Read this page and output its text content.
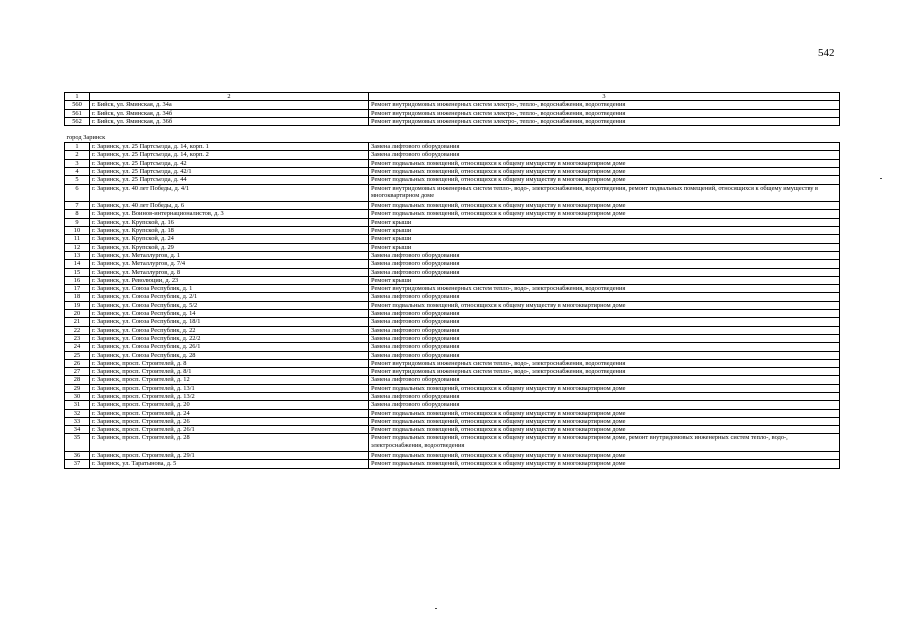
542
1	2	3
560	г. Бийск, ул. Яминская, д. 34а	Ремонт внутридомовых инженерных систем электро-, тепло-, водоснабжения, водоотведения
561	г. Бийск, ул. Яминская, д. 34б	Ремонт внутридомовых инженерных систем электро-, тепло-, водоснабжения, водоотведения
562	г. Бийск, ул. Яминская, д. 36б	Ремонт внутридомовых инженерных систем электро-, тепло-, водоснабжения, водоотведения
город Заринск		
1	г. Заринск, ул. 25 Партсъезда, д. 14, корп. 1	Замена лифтового оборудования
2	г. Заринск, ул. 25 Партсъезда, д. 14, корп. 2	Замена лифтового оборудования
3	г. Заринск, ул. 25 Партсъезда, д. 42	Ремонт подвальных помещений, относящихся к общему имуществу в многоквартирном доме
4	г. Заринск, ул. 25 Партсъезда, д. 42/1	Ремонт подвальных помещений, относящихся к общему имуществу в многоквартирном доме
5	г. Заринск, ул. 25 Партсъезда, д. 44	Ремонт подвальных помещений, относящихся к общему имуществу в многоквартирном доме
6	г. Заринск, ул. 40 лет Победы, д. 4/1	Ремонт внутридомовых инженерных систем тепло-, водо-, электроснабжения, водоотведения, ремонт подвальных помещений, относящихся к общему имуществу в многоквартирном доме
7	г. Заринск, ул. 40 лет Победы, д. 6	Ремонт подвальных помещений, относящихся к общему имуществу в многоквартирном доме
8	г. Заринск, ул. Воинов-интернационалистов, д. 3	Ремонт подвальных помещений, относящихся к общему имуществу в многоквартирном доме
9	г. Заринск, ул. Крупской, д. 16	Ремонт крыши
10	г. Заринск, ул. Крупской, д. 18	Ремонт крыши
11	г. Заринск, ул. Крупской, д. 24	Ремонт крыши
12	г. Заринск, ул. Крупской, д. 29	Ремонт крыши
13	г. Заринск, ул. Металлургов, д. 1	Замена лифтового оборудования
14	г. Заринск, ул. Металлургов, д. 7/4	Замена лифтового оборудования
15	г. Заринск, ул. Металлургов, д. 8	Замена лифтового оборудования
16	г. Заринск, ул. Революции, д. 23	Ремонт крыши
17	г. Заринск, ул. Союза Республик, д. 1	Ремонт внутридомовых инженерных систем тепло-, водо-, электроснабжения, водоотведения
18	г. Заринск, ул. Союза Республик, д. 2/1	Замена лифтового оборудования
19	г. Заринск, ул. Союза Республик, д. 5/2	Ремонт подвальных помещений, относящихся к общему имуществу в многоквартирном доме
20	г. Заринск, ул. Союза Республик, д. 14	Замена лифтового оборудования
21	г. Заринск, ул. Союза Республик, д. 18/1	Замена лифтового оборудования
22	г. Заринск, ул. Союза Республик, д. 22	Замена лифтового оборудования
23	г. Заринск, ул. Союза Республик, д. 22/2	Замена лифтового оборудования
24	г. Заринск, ул. Союза Республик, д. 26/1	Замена лифтового оборудования
25	г. Заринск, ул. Союза Республик, д. 28	Замена лифтового оборудования
26	г. Заринск, просп. Строителей, д. 8	Ремонт внутридомовых инженерных систем тепло-, водо-, электроснабжения, водоотведения
27	г. Заринск, просп. Строителей, д. 8/1	Ремонт внутридомовых инженерных систем тепло-, водо-, электроснабжения, водоотведения
28	г. Заринск, просп. Строителей, д. 12	Замена лифтового оборудования
29	г. Заринск, просп. Строителей, д. 13/1	Ремонт подвальных помещений, относящихся к общему имуществу в многоквартирном доме
30	г. Заринск, просп. Строителей, д. 13/2	Замена лифтового оборудования
31	г. Заринск, просп. Строителей, д. 20	Замена лифтового оборудования
32	г. Заринск, просп. Строителей, д. 24	Ремонт подвальных помещений, относящихся к общему имуществу в многоквартирном доме
33	г. Заринск, просп. Строителей, д. 26	Ремонт подвальных помещений, относящихся к общему имуществу в многоквартирном доме
34	г. Заринск, просп. Строителей, д. 26/1	Ремонт подвальных помещений, относящихся к общему имуществу в многоквартирном доме
35	г. Заринск, просп. Строителей, д. 28	Ремонт подвальных помещений, относящихся к общему имуществу в многоквартирном доме, ремонт внутридомовых инженерных систем тепло-, водо-, электроснабжения, водоотведения
36	г. Заринск, просп. Строителей, д. 29/1	Ремонт подвальных помещений, относящихся к общему имуществу в многоквартирном доме
37	г. Заринск, ул. Таратынова, д. 5	Ремонт подвальных помещений, относящихся к общему имуществу в многоквартирном доме
